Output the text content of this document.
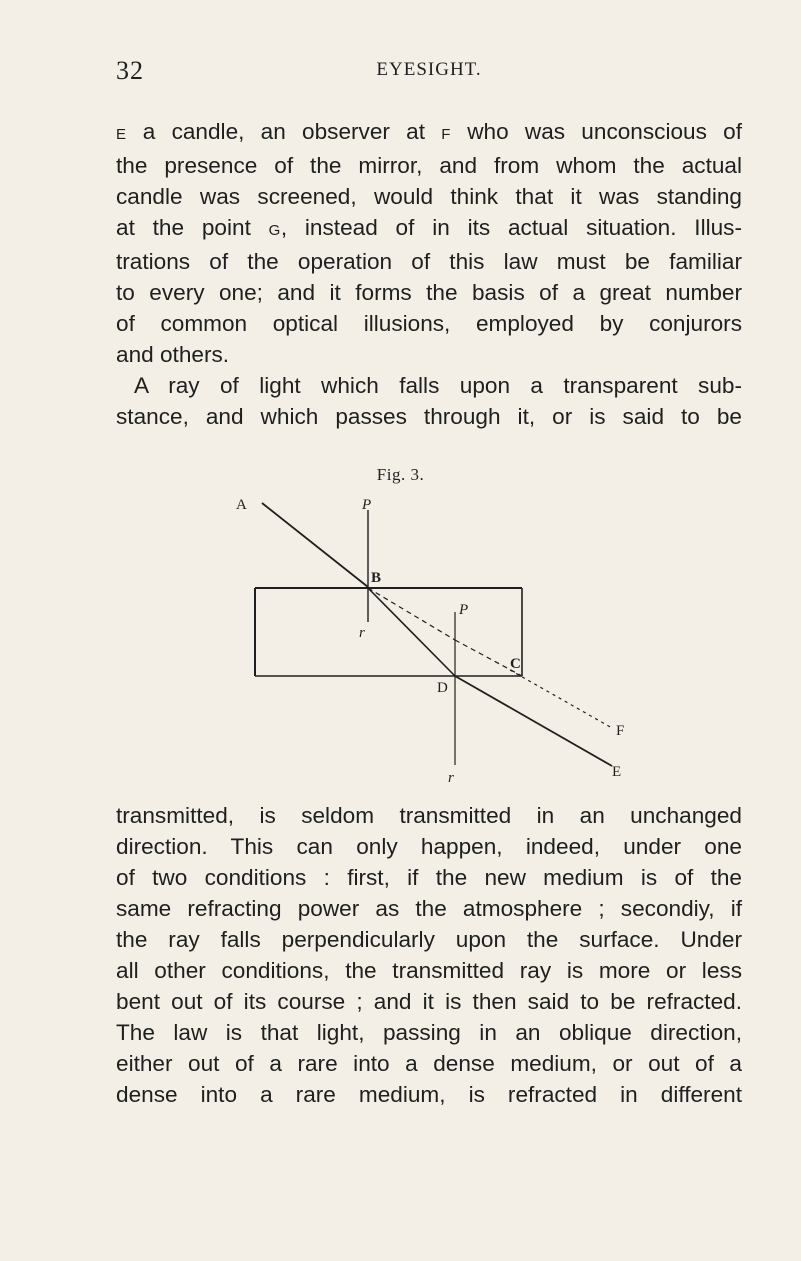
32	EYESIGHT.
E a candle, an observer at F who was unconscious of
the presence of the mirror, and from whom the actual
candle was screened, would think that it was standing
at the point G, instead of in its actual situation. Illus-
trations of the operation of this law must be familiar
to every one; and it forms the basis of a great number
of common optical illusions, employed by conjurors
and others.
A ray of light which falls upon a transparent sub-
stance, and which passes through it, or is said to be
Fig. 3.
A	P
B
r
P
C
D
F
r	E
transmitted, is seldom transmitted in an unchanged
direction. This can only happen, indeed, under one
of two conditions : first, if the new medium is of the
same refracting power as the atmosphere ; secondiy, if
the ray falls perpendicularly upon the surface. Under
all other conditions, the transmitted ray is more or less
bent out of its course ; and it is then said to be refracted.
The law is that light, passing in an oblique direction,
either out of a rare into a dense medium, or out of a
dense into a rare medium, is refracted in different
